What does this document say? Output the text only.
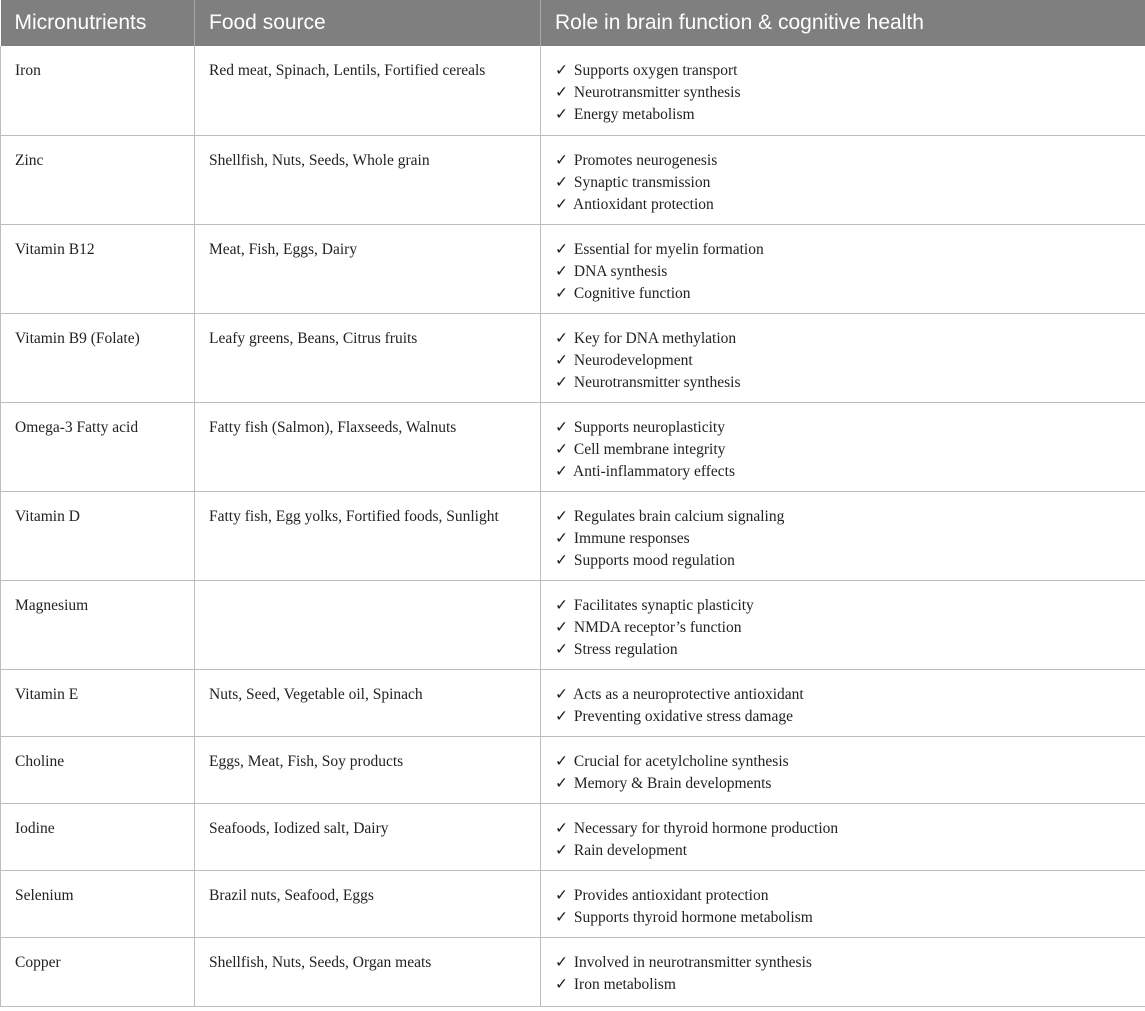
Micronutrients	Food source	Role in brain function & cognitive health
Iron	Red meat, Spinach, Lentils, Fortified cereals	✓ Supports oxygen transport
✓ Neurotransmitter synthesis
✓ Energy metabolism

Zinc	Shellfish, Nuts, Seeds, Whole grain	✓ Promotes neurogenesis
✓ Synaptic transmission
✓ Antioxidant protection

Vitamin B12	Meat, Fish, Eggs, Dairy	✓ Essential for myelin formation
✓ DNA synthesis
✓ Cognitive function

Vitamin B9 (Folate)	Leafy greens, Beans, Citrus fruits	✓ Key for DNA methylation
✓ Neurodevelopment
✓ Neurotransmitter synthesis

Omega-3 Fatty acid	Fatty fish (Salmon), Flaxseeds, Walnuts	✓ Supports neuroplasticity
✓ Cell membrane integrity
✓ Anti-inflammatory effects

Vitamin D	Fatty fish, Egg yolks, Fortified foods, Sunlight	✓ Regulates brain calcium signaling
✓ Immune responses
✓ Supports mood regulation

Magnesium		✓ Facilitates synaptic plasticity
✓ NMDA receptor’s function
✓ Stress regulation

Vitamin E	Nuts, Seed, Vegetable oil, Spinach	✓ Acts as a neuroprotective antioxidant
✓ Preventing oxidative stress damage

Choline	Eggs, Meat, Fish, Soy products	✓ Crucial for acetylcholine synthesis
✓ Memory & Brain developments

Iodine	Seafoods, Iodized salt, Dairy	✓ Necessary for thyroid hormone production
✓ Rain development

Selenium	Brazil nuts, Seafood, Eggs	✓ Provides antioxidant protection
✓ Supports thyroid hormone metabolism

Copper	Shellfish, Nuts, Seeds, Organ meats	✓ Involved in neurotransmitter synthesis
✓ Iron metabolism
